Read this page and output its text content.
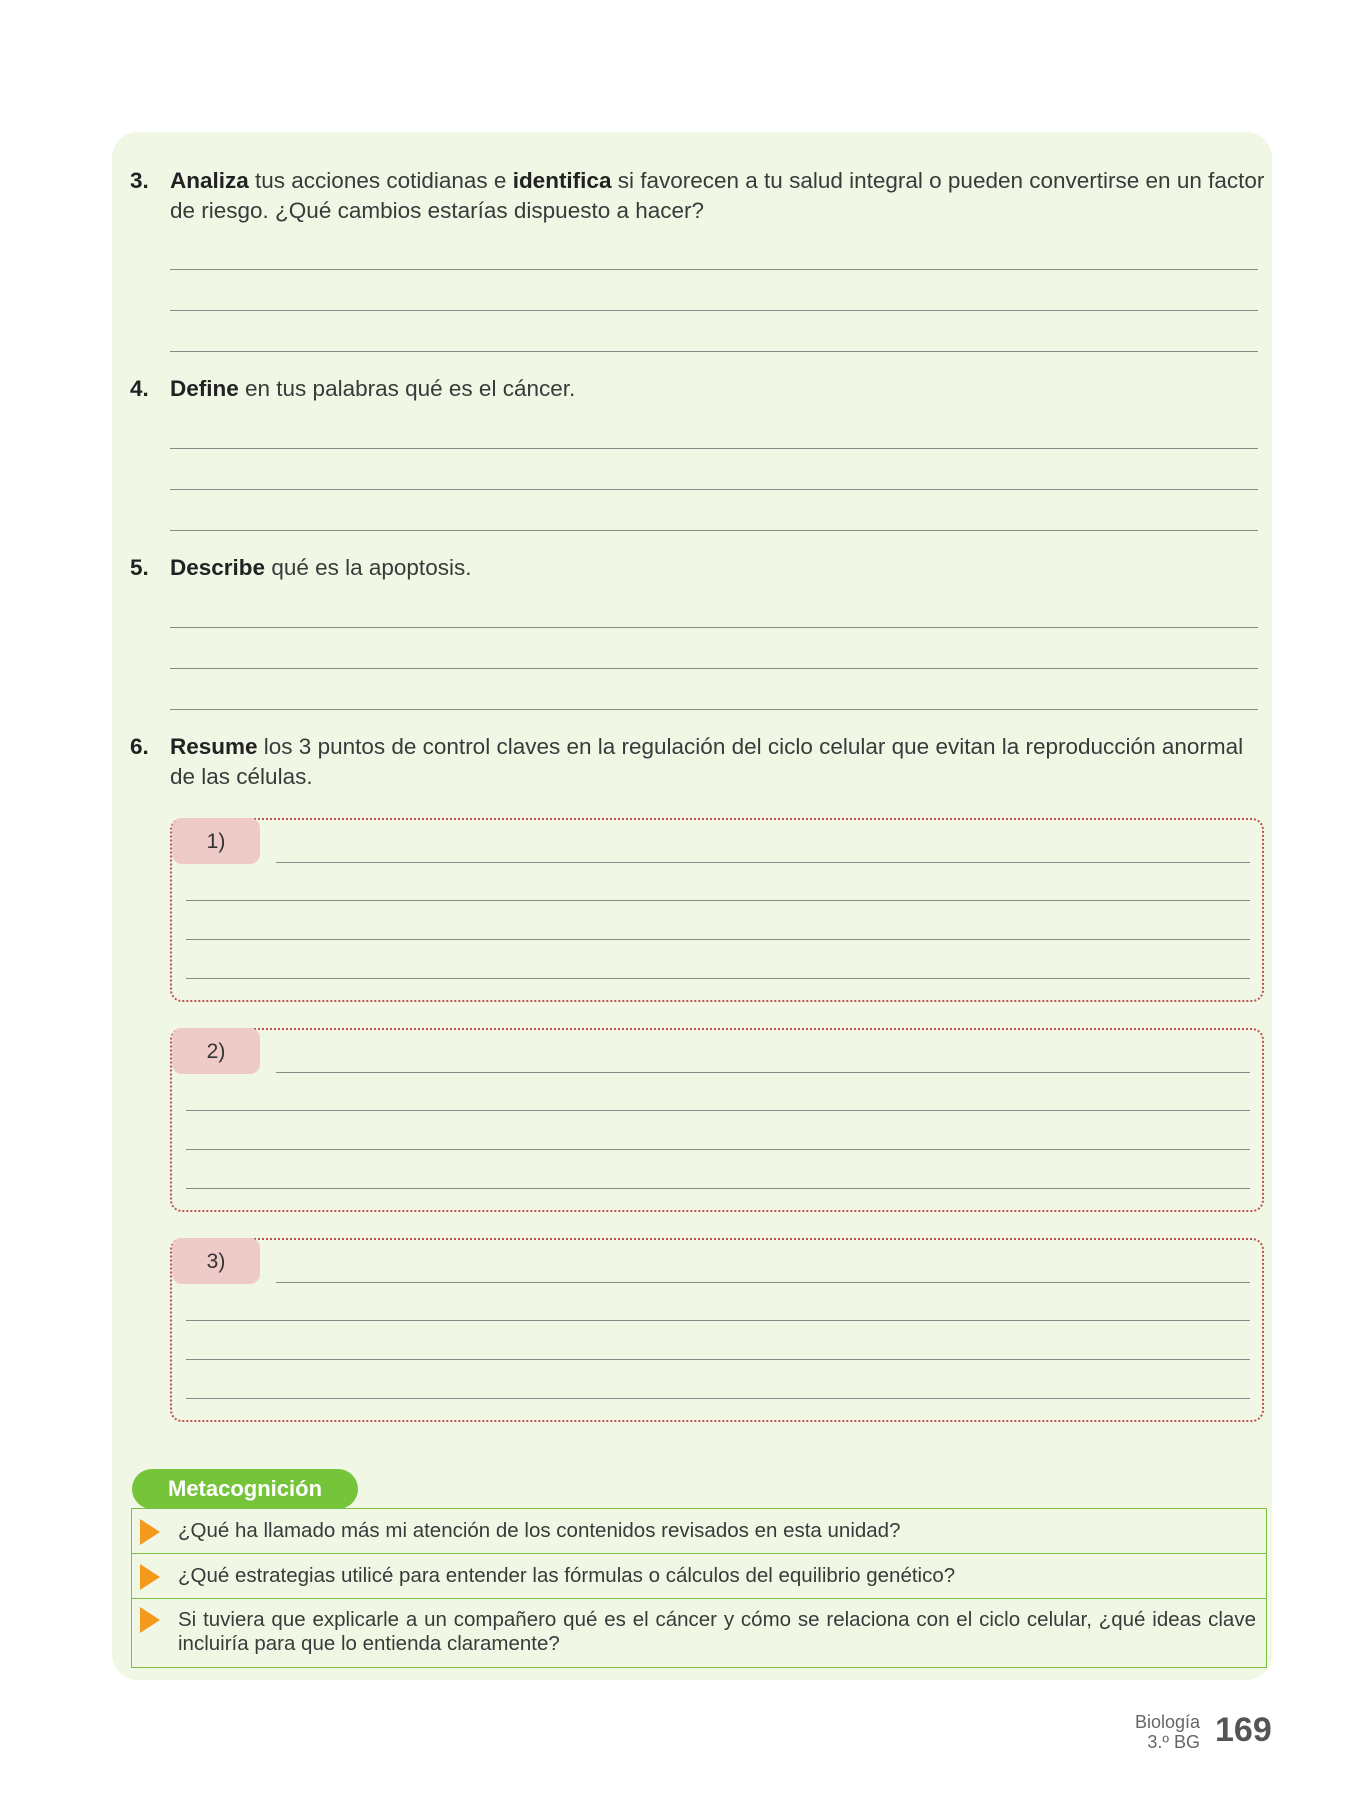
3. Analiza tus acciones cotidianas e identifica si favorecen a tu salud integral o pueden convertirse en un factor de riesgo. ¿Qué cambios estarías dispuesto a hacer?
4. Define en tus palabras qué es el cáncer.
5. Describe qué es la apoptosis.
6. Resume los 3 puntos de control claves en la regulación del ciclo celular que evitan la reproducción anormal de las células.
1)
2)
3)
Metacognición
¿Qué ha llamado más mi atención de los contenidos revisados en esta unidad?
¿Qué estrategias utilicé para entender las fórmulas o cálculos del equilibrio genético?
Si tuviera que explicarle a un compañero qué es el cáncer y cómo se relaciona con el ciclo celular, ¿qué ideas clave incluiría para que lo entienda claramente?
Biología
3.º BG 169
